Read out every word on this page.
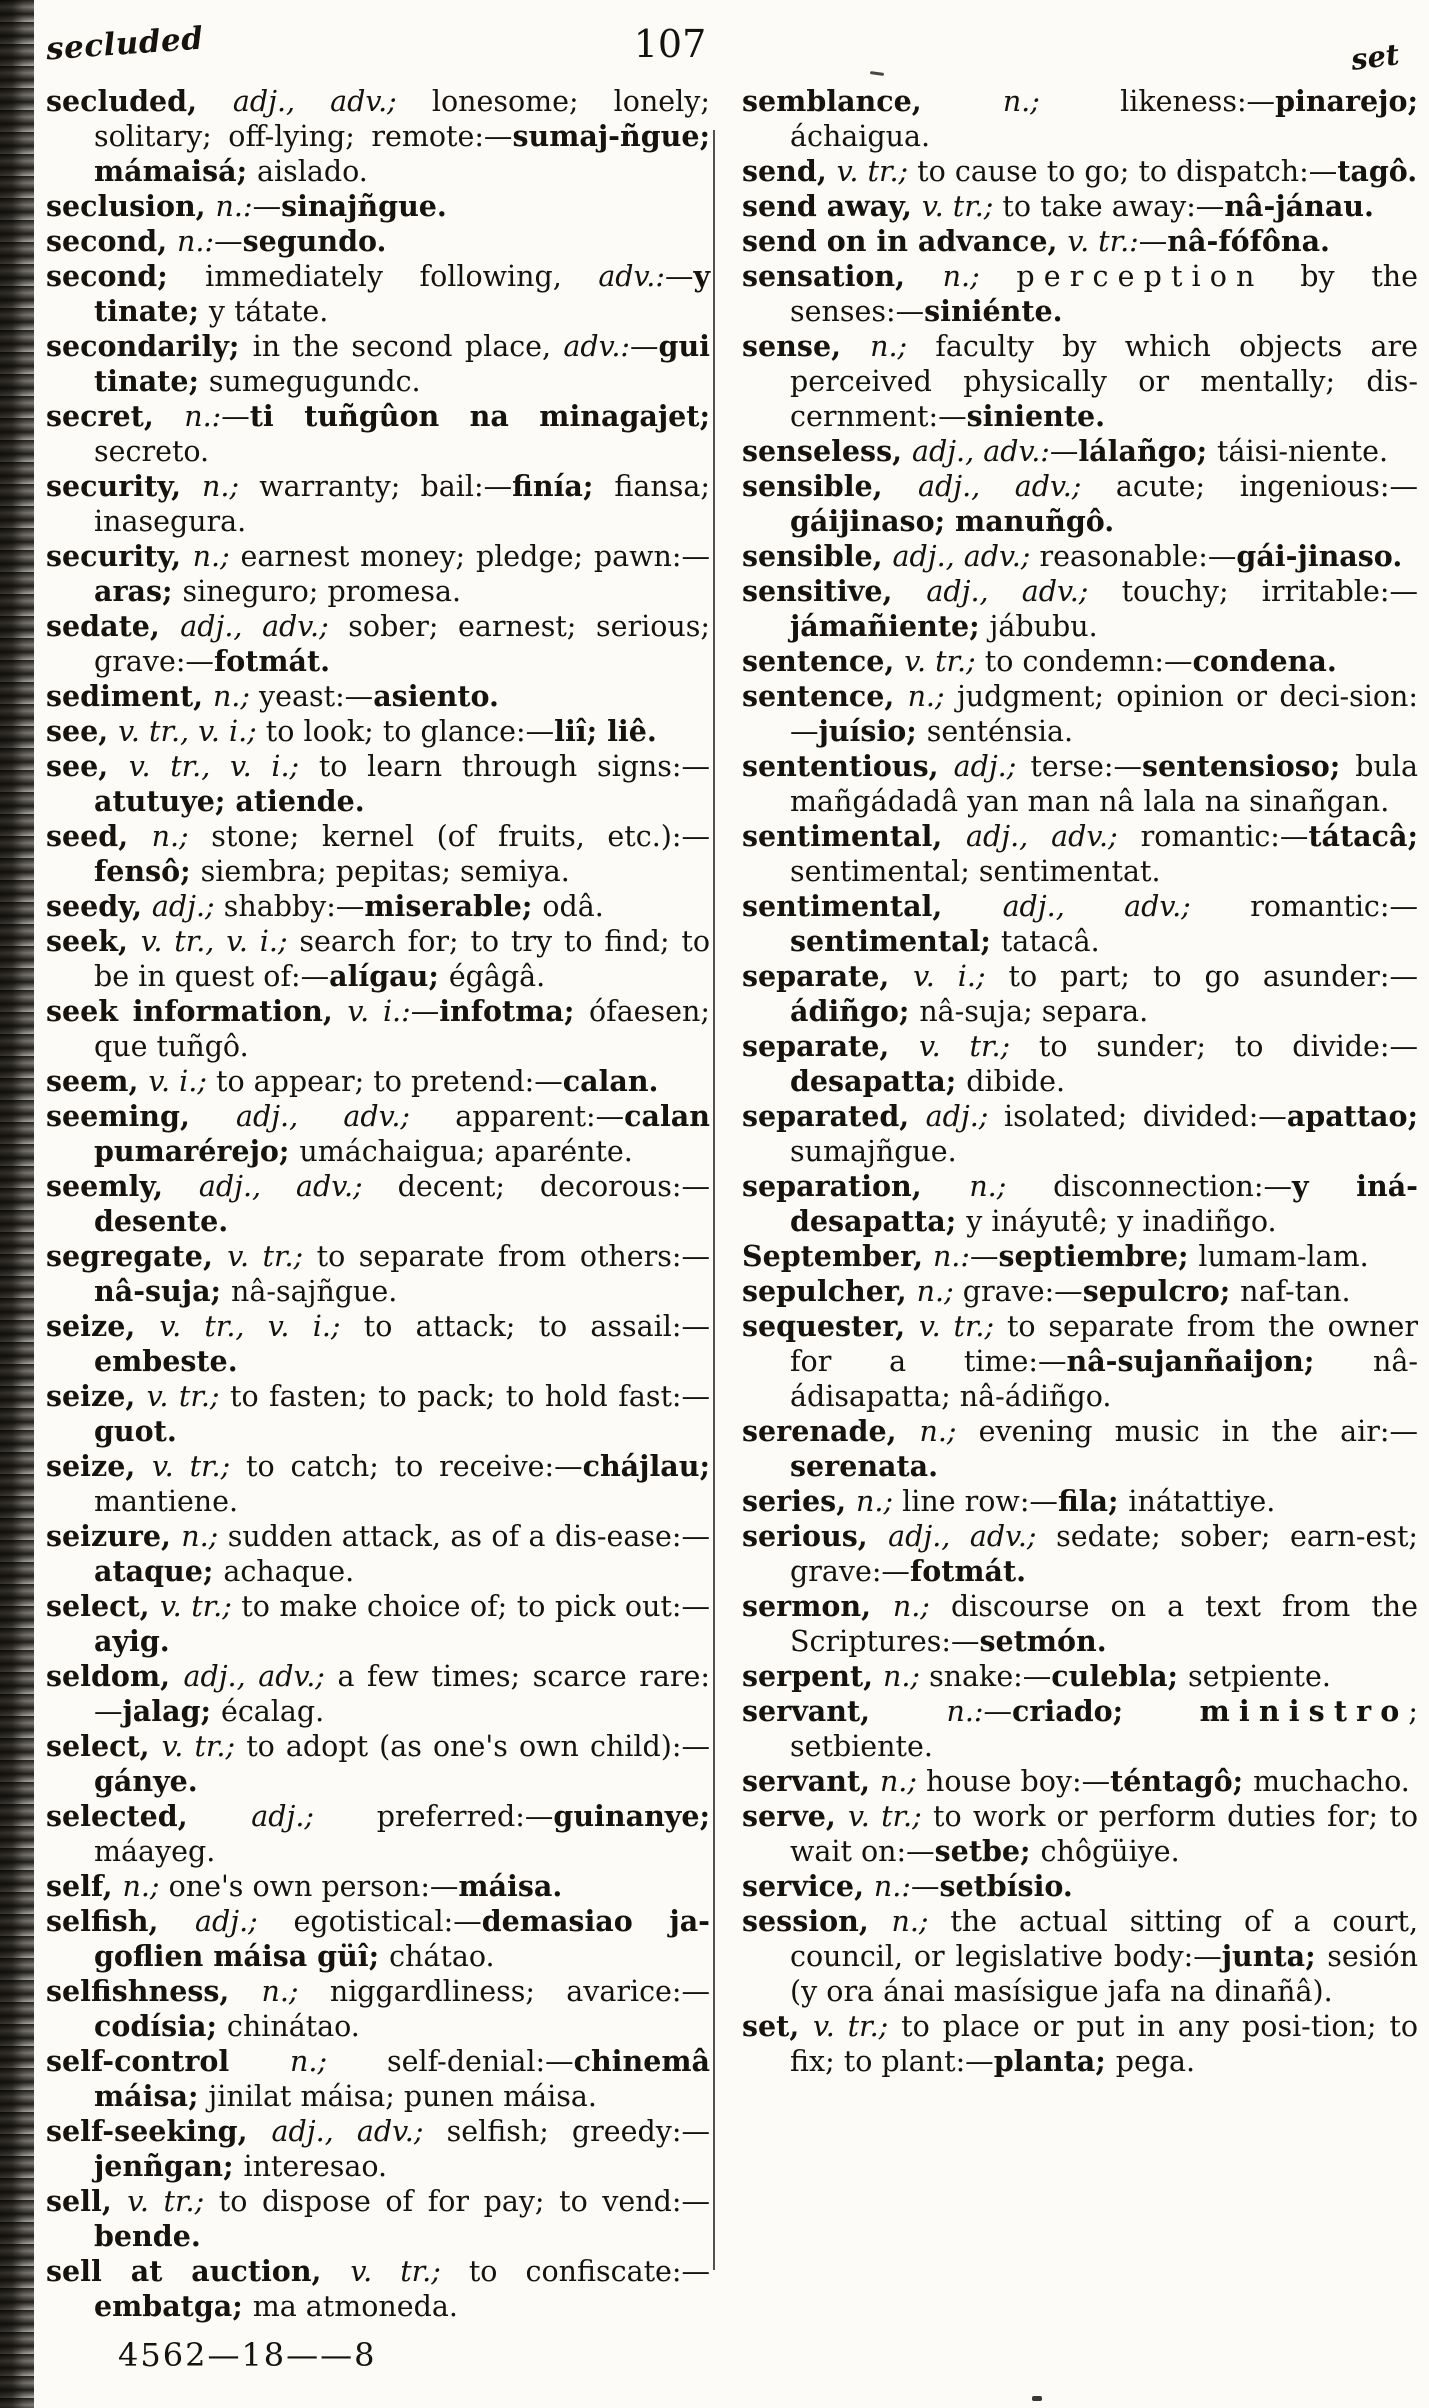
secluded	107	set

secluded, adj., adv.; lonesome; lonely; solitary; off-lying; remote:—sumaj-ñgue; mámaisá; aislado.

seclusion, n.:—sinajñgue.

second, n.:—segundo.

second; immediately following, adv.:—y tinate; y tátate.

secondarily; in the second place, adv.:—gui tinate; sumegugundc.

secret, n.:—ti tuñgûon na minagajet; secreto.

security, n.; warranty; bail:—finía; fiansa; inasegura.

security, n.; earnest money; pledge; pawn:—aras; sineguro; promesa.

sedate, adj., adv.; sober; earnest; serious; grave:—fotmát.

sediment, n.; yeast:—asiento.

see, v. tr., v. i.; to look; to glance:—liî; liê.

see, v. tr., v. i.; to learn through signs:—atutuye; atiende.

seed, n.; stone; kernel (of fruits, etc.):—fensô; siembra; pepitas; semiya.

seedy, adj.; shabby:—miserable; odâ.

seek, v. tr., v. i.; search for; to try to find; to be in quest of:—alígau; égâgâ.

seek information, v. i.:—infotma; ófaesen; que tuñgô.

seem, v. i.; to appear; to pretend:—calan.

seeming, adj., adv.; apparent:—calan pumarérejo; umáchaigua; aparénte.

seemly, adj., adv.; decent; decorous:—desente.

segregate, v. tr.; to separate from others:—nâ-suja; nâ-sajñgue.

seize, v. tr., v. i.; to attack; to assail:—embeste.

seize, v. tr.; to fasten; to pack; to hold fast:—guot.

seize, v. tr.; to catch; to receive:—chájlau; mantiene.

seizure, n.; sudden attack, as of a dis-ease:—ataque; achaque.

select, v. tr.; to make choice of; to pick out:—ayig.

seldom, adj., adv.; a few times; scarce rare:—jalag; écalag.

select, v. tr.; to adopt (as one's own child):—gánye.

selected, adj.; preferred:—guinanye; máayeg.

self, n.; one's own person:—máisa.

selfish, adj.; egotistical:—demasiao ja-goflien máisa güî; chátao.

selfishness, n.; niggardliness; avarice:—codísia; chinátao.

self-control n.; self-denial:—chinemâ máisa; jinilat máisa; punen máisa.

self-seeking, adj., adv.; selfish; greedy:—jenñgan; interesao.

sell, v. tr.; to dispose of for pay; to vend:—bende.

sell at auction, v. tr.; to confiscate:—embatga; ma atmoneda.

4562—18——8

semblance, n.; likeness:—pinarejo; áchaigua.

send, v. tr.; to cause to go; to dispatch:—tagô.

send away, v. tr.; to take away:—nâ-jánau.

send on in advance, v. tr.:—nâ-fófôna.

sensation, n.; perception by the senses:—siniénte.

sense, n.; faculty by which objects are perceived physically or mentally; dis-cernment:—siniente.

senseless, adj., adv.:—lálañgo; táisi-niente.

sensible, adj., adv.; acute; ingenious:—gáijinaso; manuñgô.

sensible, adj., adv.; reasonable:—gái-jinaso.

sensitive, adj., adv.; touchy; irritable:—jámañiente; jábubu.

sentence, v. tr.; to condemn:—condena.

sentence, n.; judgment; opinion or deci-sion:—juísio; senténsia.

sententious, adj.; terse:—sentensioso; bula mañgádadâ yan man nâ lala na sinañgan.

sentimental, adj., adv.; romantic:—tátacâ; sentimental; sentimentat.

sentimental, adj., adv.; romantic:—sentimental; tatacâ.

separate, v. i.; to part; to go asunder:—ádiñgo; nâ-suja; separa.

separate, v. tr.; to sunder; to divide:—desapatta; dibide.

separated, adj.; isolated; divided:—apattao; sumajñgue.

separation, n.; disconnection:—y iná-desapatta; y ináyutê; y inadiñgo.

September, n.:—septiembre; lumam-lam.

sepulcher, n.; grave:—sepulcro; naf-tan.

sequester, v. tr.; to separate from the owner for a time:—nâ-sujanñaijon; nâ-ádisapatta; nâ-ádiñgo.

serenade, n.; evening music in the air:—serenata.

series, n.; line row:—fila; inátattiye.

serious, adj., adv.; sedate; sober; earn-est; grave:—fotmát.

sermon, n.; discourse on a text from the Scriptures:—setmón.

serpent, n.; snake:—culebla; setpiente.

servant, n.:—criado; ministro; setbiente.

servant, n.; house boy:—téntagô; muchacho.

serve, v. tr.; to work or perform duties for; to wait on:—setbe; chôgüiye.

service, n.:—setbísio.

session, n.; the actual sitting of a court, council, or legislative body:—junta; sesión (y ora ánai masísigue jafa na dinañâ).

set, v. tr.; to place or put in any posi-tion; to fix; to plant:—planta; pega.
